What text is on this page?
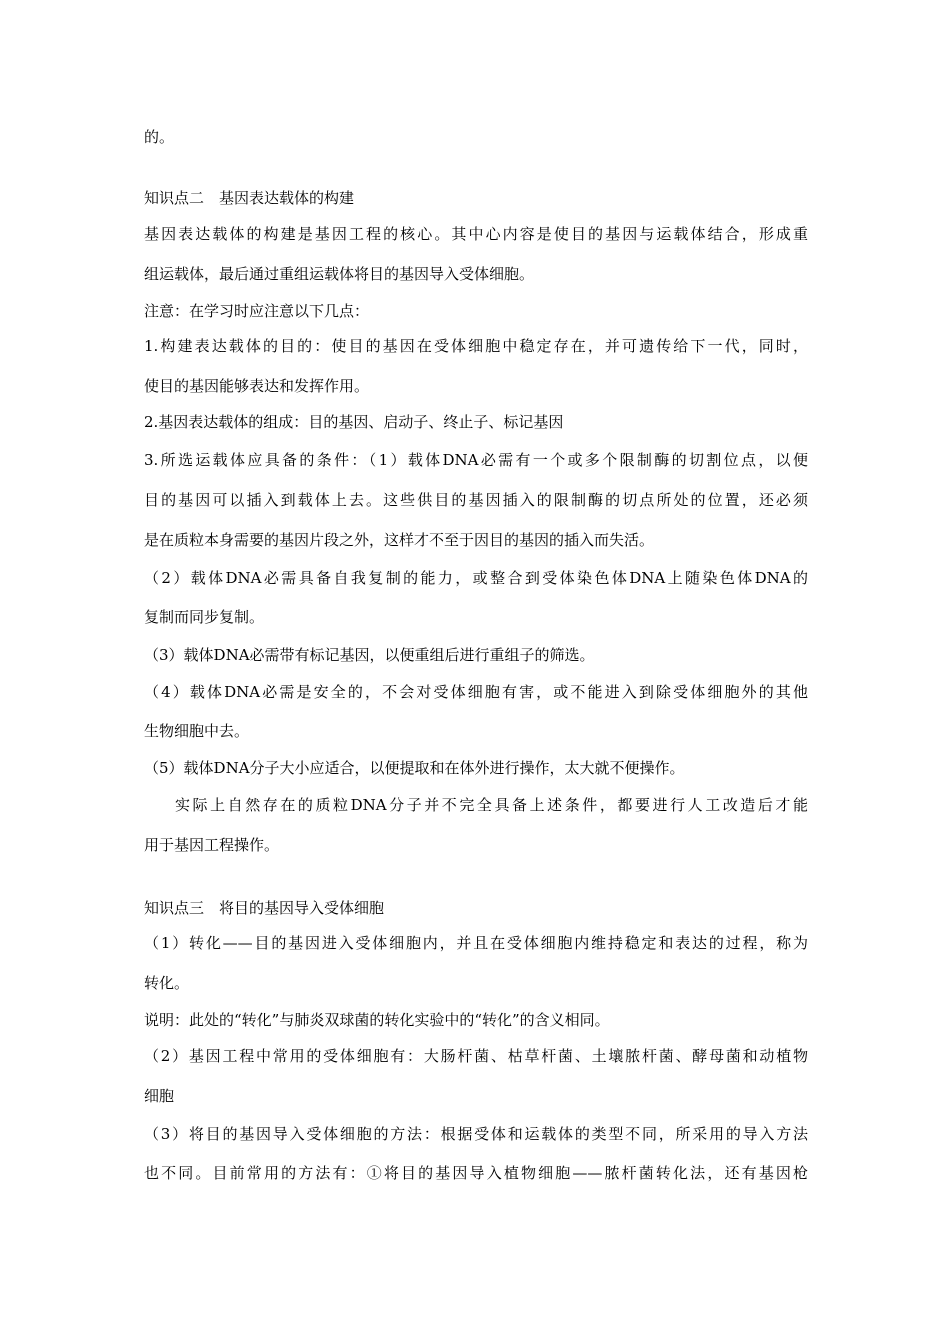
的。
知识点二　基因表达载体的构建
基因表达载体的构建是基因工程的核心。其中心内容是使目的基因与运载体结合，形成重
组运载体，最后通过重组运载体将目的基因导入受体细胞。
注意：在学习时应注意以下几点：
1.构建表达载体的目的：使目的基因在受体细胞中稳定存在，并可遗传给下一代，同时，
使目的基因能够表达和发挥作用。
2.基因表达载体的组成：目的基因、启动子、终止子、标记基因
3.所选运载体应具备的条件：（1）载体DNA必需有一个或多个限制酶的切割位点，以便
目的基因可以插入到载体上去。这些供目的基因插入的限制酶的切点所处的位置，还必须
是在质粒本身需要的基因片段之外，这样才不至于因目的基因的插入而失活。
（2）载体DNA必需具备自我复制的能力，或整合到受体染色体DNA上随染色体DNA的
复制而同步复制。
（3）载体DNA必需带有标记基因，以便重组后进行重组子的筛选。
（4）载体DNA必需是安全的，不会对受体细胞有害，或不能进入到除受体细胞外的其他
生物细胞中去。
（5）载体DNA分子大小应适合，以便提取和在体外进行操作，太大就不便操作。
实际上自然存在的质粒DNA分子并不完全具备上述条件，都要进行人工改造后才能
用于基因工程操作。
知识点三　将目的基因导入受体细胞
（1）转化——目的基因进入受体细胞内，并且在受体细胞内维持稳定和表达的过程，称为
转化。
说明：此处的“转化”与肺炎双球菌的转化实验中的“转化”的含义相同。
（2）基因工程中常用的受体细胞有：大肠杆菌、枯草杆菌、土壤脓杆菌、酵母菌和动植物
细胞
（3）将目的基因导入受体细胞的方法：根据受体和运载体的类型不同，所采用的导入方法
也不同。目前常用的方法有：①将目的基因导入植物细胞——脓杆菌转化法，还有基因枪
